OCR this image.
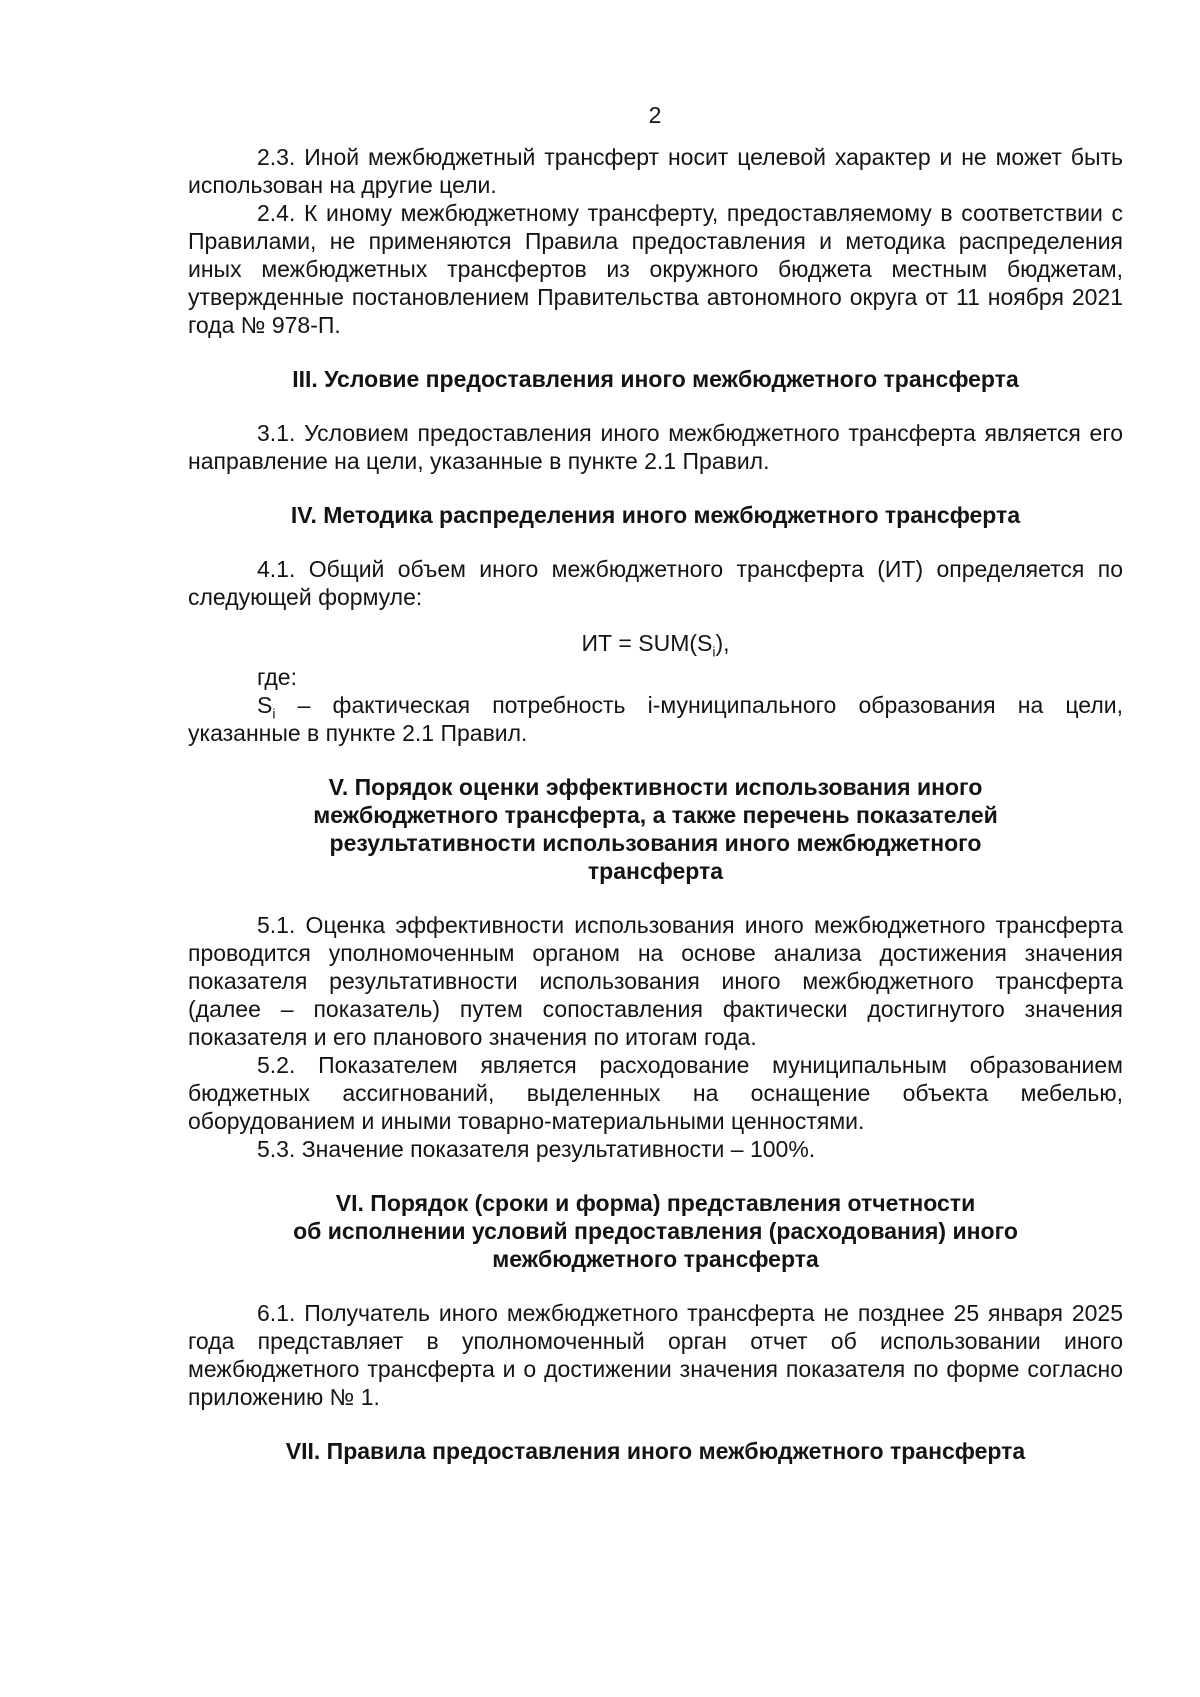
2

2.3. Иной межбюджетный трансферт носит целевой характер и не может быть использован на другие цели.

2.4. К иному межбюджетному трансферту, предоставляемому в соответствии с Правилами, не применяются Правила предоставления и методика распределения иных межбюджетных трансфертов из окружного бюджета местным бюджетам, утвержденные постановлением Правительства автономного округа от 11 ноября 2021 года № 978-П.

III. Условие предоставления иного межбюджетного трансферта

3.1. Условием предоставления иного межбюджетного трансферта является его направление на цели, указанные в пункте 2.1 Правил.

IV. Методика распределения иного межбюджетного трансферта

4.1. Общий объем иного межбюджетного трансферта (ИТ) определяется по следующей формуле:

ИТ = $SUM(S_i)$,

где:

$S_i$ – фактическая потребность i-муниципального образования на цели, указанные в пункте 2.1 Правил.

V. Порядок оценки эффективности использования иного

межбюджетного трансферта, а также перечень показателей

результативности использования иного межбюджетного

трансферта

5.1. Оценка эффективности использования иного межбюджетного трансферта проводится уполномоченным органом на основе анализа достижения значения показателя результативности использования иного межбюджетного трансферта (далее – показатель) путем сопоставления фактически достигнутого значения показателя и его планового значения по итогам года.

5.2. Показателем является расходование муниципальным образованием бюджетных ассигнований, выделенных на оснащение объекта мебелью, оборудованием и иными товарно-материальными ценностями.

5.3. Значение показателя результативности – 100%.

VI. Порядок (сроки и форма) представления отчетности

об исполнении условий предоставления (расходования) иного

межбюджетного трансферта

6.1. Получатель иного межбюджетного трансферта не позднее 25 января 2025 года представляет в уполномоченный орган отчет об использовании иного межбюджетного трансферта и о достижении значения показателя по форме согласно приложению № 1.

VII. Правила предоставления иного межбюджетного трансферта
